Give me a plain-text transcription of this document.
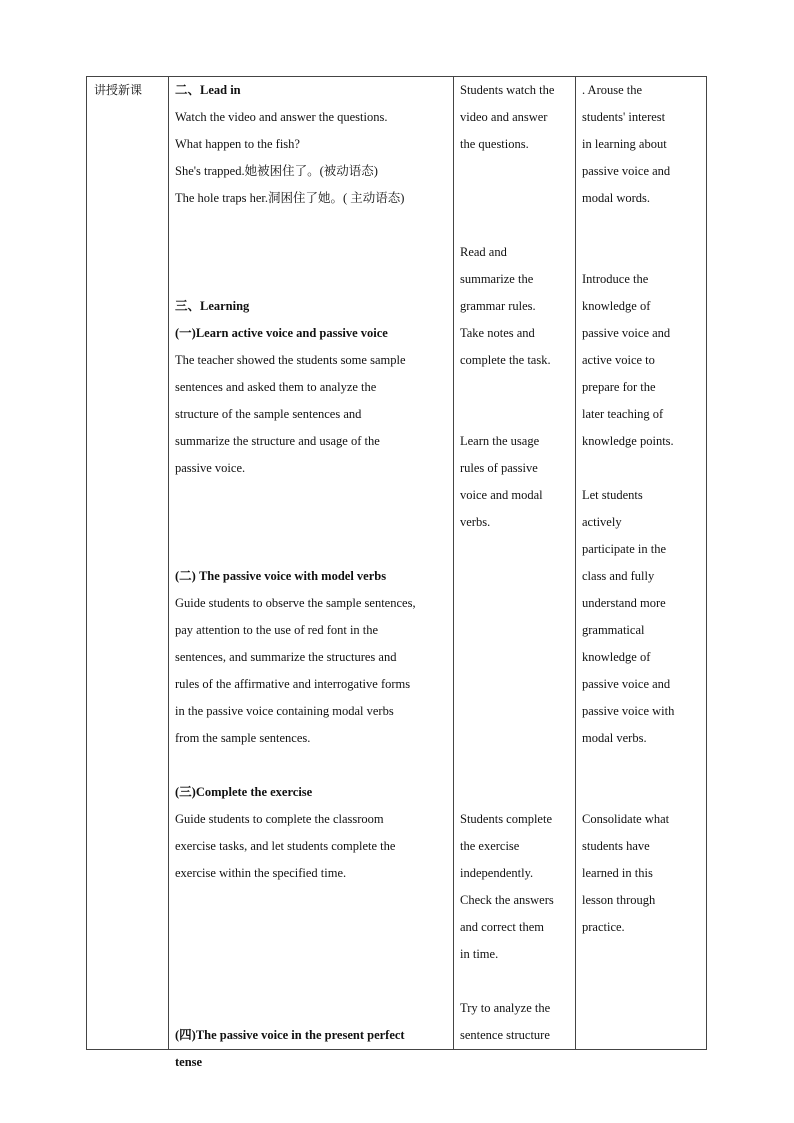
讲授新课	二、Lead in
Watch the video and answer the questions.
What happen to the fish?
She's trapped.她被困住了。(被动语态)
The hole traps her.洞困住了她。( 主动语态)
三、Learning
(一)Learn active voice and passive voice
The teacher showed the students some sample
sentences and asked them to analyze the
structure of the sample sentences and
summarize the structure and usage of the
passive voice.
(二) The passive voice with model verbs
Guide students to observe the sample sentences,
pay attention to the use of red font in the
sentences, and summarize the structures and
rules of the affirmative and interrogative forms
in the passive voice containing modal verbs
from the sample sentences.
(三)Complete the exercise
Guide students to complete the classroom
exercise tasks, and let students complete the
exercise within the specified time.
(四)The passive voice in the present perfect
tense
Students watch the
video and answer
the questions.
Read and
summarize the
grammar rules.
Take notes and
complete the task.
Learn the usage
rules of passive
voice and modal
verbs.
Students complete
the exercise
independently.
Check the answers
and correct them
in time.
Try to analyze the
sentence structure
. Arouse the
students' interest
in learning about
passive voice and
modal words.
Introduce the
knowledge of
passive voice and
active voice to
prepare for the
later teaching of
knowledge points.
Let students
actively
participate in the
class and fully
understand more
grammatical
knowledge of
passive voice and
passive voice with
modal verbs.
Consolidate what
students have
learned in this
lesson through
practice.
